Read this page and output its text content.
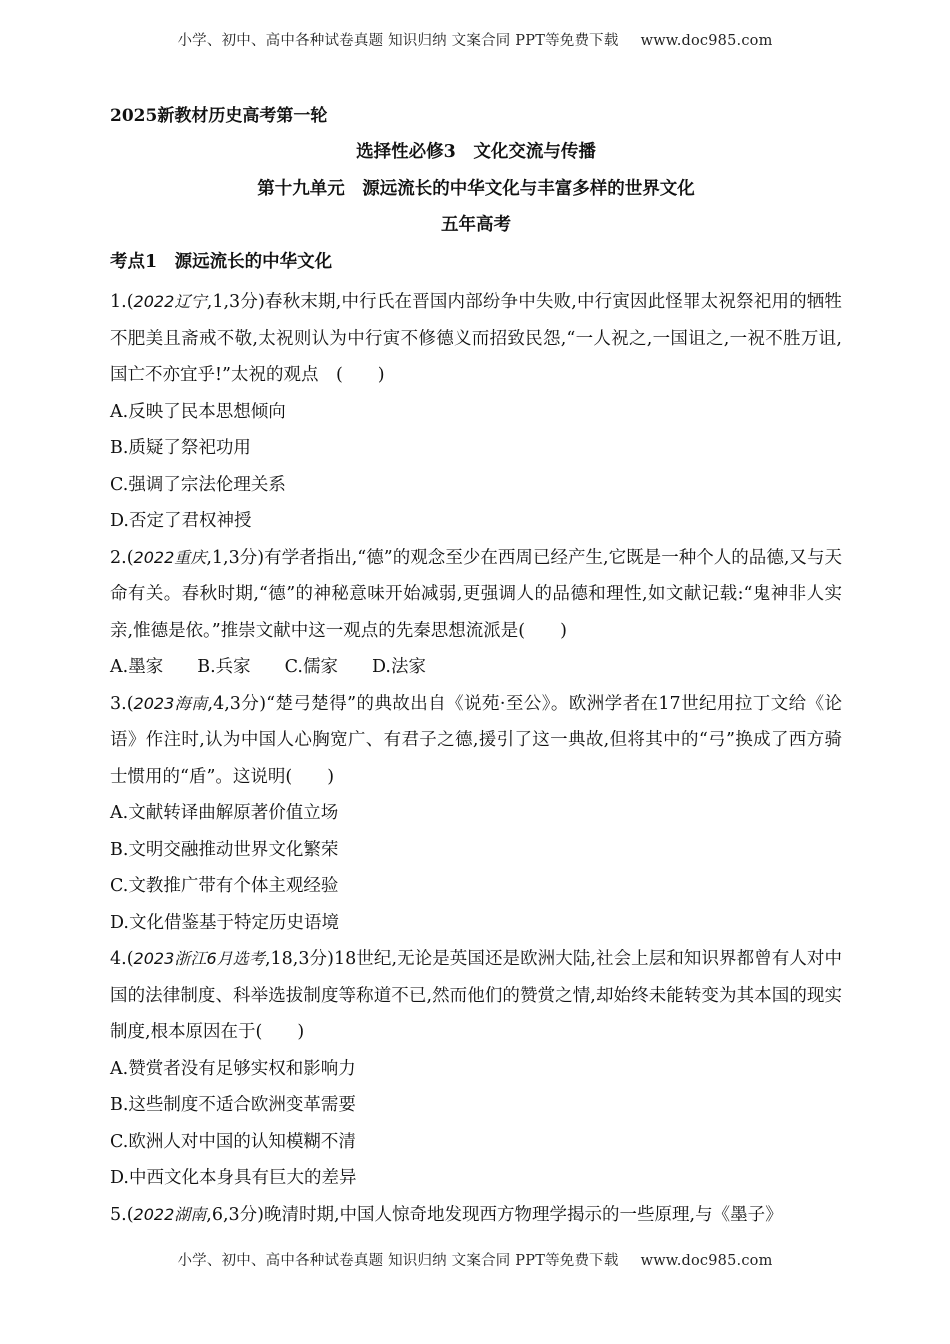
小学、初中、高中各种试卷真题 知识归纳 文案合同 PPT等免费下载 www.doc985.com
2025新教材历史高考第一轮
选择性必修3　文化交流与传播
第十九单元　源远流长的中华文化与丰富多样的世界文化
五年高考
考点1　源远流长的中华文化
1.(2022辽宁,1,3分)春秋末期,中行氏在晋国内部纷争中失败,中行寅因此怪罪太祝祭祀用的牺牲不肥美且斋戒不敬,太祝则认为中行寅不修德义而招致民怨,“一人祝之,一国诅之,一祝不胜万诅,国亡不亦宜乎!”太祝的观点　(　　)
A.反映了民本思想倾向
B.质疑了祭祀功用
C.强调了宗法伦理关系
D.否定了君权神授
2.(2022重庆,1,3分)有学者指出,“德”的观念至少在西周已经产生,它既是一种个人的品德,又与天命有关。春秋时期,“德”的神秘意味开始减弱,更强调人的品德和理性,如文献记载:“鬼神非人实亲,惟德是依。”推崇文献中这一观点的先秦思想流派是(　　)
A.墨家 B.兵家 C.儒家 D.法家
3.(2023海南,4,3分)“楚弓楚得”的典故出自《说苑·至公》。欧洲学者在17世纪用拉丁文给《论语》作注时,认为中国人心胸宽广、有君子之德,援引了这一典故,但将其中的“弓”换成了西方骑士惯用的“盾”。这说明(　　)
A.文献转译曲解原著价值立场
B.文明交融推动世界文化繁荣
C.文教推广带有个体主观经验
D.文化借鉴基于特定历史语境
4.(2023浙江6月选考,18,3分)18世纪,无论是英国还是欧洲大陆,社会上层和知识界都曾有人对中国的法律制度、科举选拔制度等称道不已,然而他们的赞赏之情,却始终未能转变为其本国的现实制度,根本原因在于(　　)
A.赞赏者没有足够实权和影响力
B.这些制度不适合欧洲变革需要
C.欧洲人对中国的认知模糊不清
D.中西文化本身具有巨大的差异
5.(2022湖南,6,3分)晚清时期,中国人惊奇地发现西方物理学揭示的一些原理,与《墨子》
小学、初中、高中各种试卷真题 知识归纳 文案合同 PPT等免费下载 www.doc985.com
